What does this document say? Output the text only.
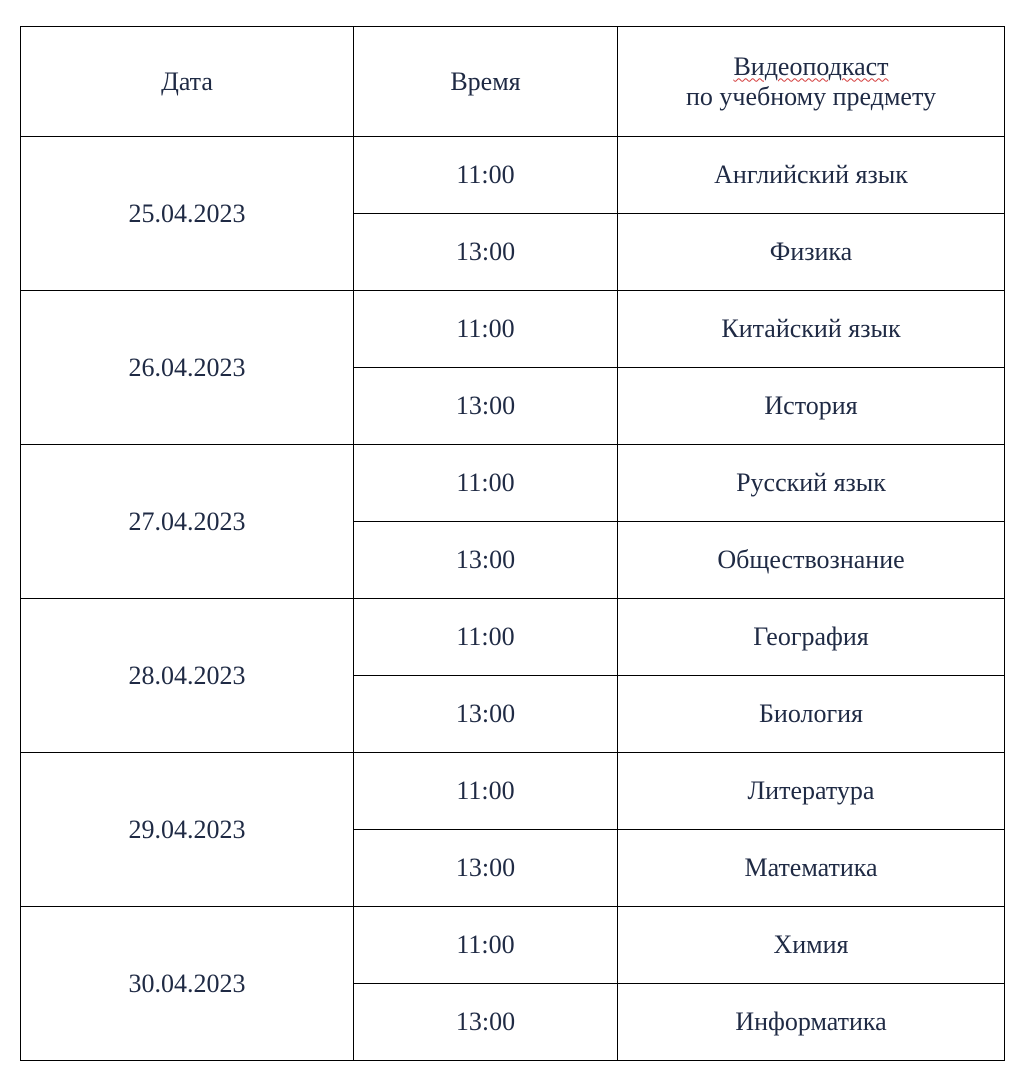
Дата	Время	Видеоподкаст
по учебному предмету

25.04.2023	11:00	Английский язык
	13:00	Физика
26.04.2023	11:00	Китайский язык
	13:00	История
27.04.2023	11:00	Русский язык
	13:00	Обществознание
28.04.2023	11:00	География
	13:00	Биология
29.04.2023	11:00	Литература
	13:00	Математика
30.04.2023	11:00	Химия
	13:00	Информатика
